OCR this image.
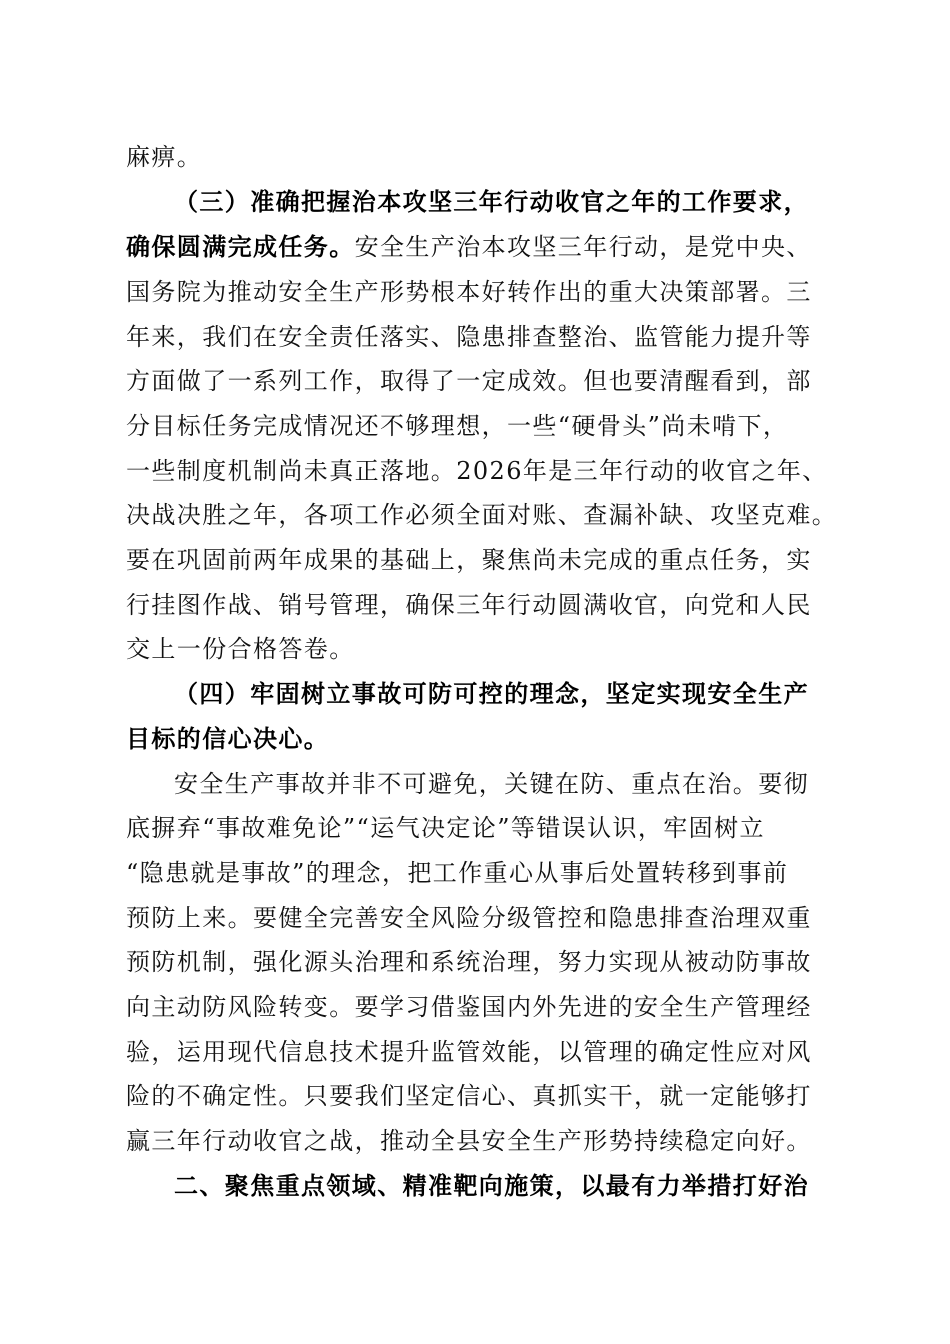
麻痹。
（三）准确把握治本攻坚三年行动收官之年的工作要求，
确保圆满完成任务。安全生产治本攻坚三年行动，是党中央、
国务院为推动安全生产形势根本好转作出的重大决策部署。三
年来，我们在安全责任落实、隐患排查整治、监管能力提升等
方面做了一系列工作，取得了一定成效。但也要清醒看到，部
分目标任务完成情况还不够理想，一些“硬骨头”尚未啃下，
一些制度机制尚未真正落地。2026年是三年行动的收官之年、
决战决胜之年，各项工作必须全面对账、查漏补缺、攻坚克难。
要在巩固前两年成果的基础上，聚焦尚未完成的重点任务，实
行挂图作战、销号管理，确保三年行动圆满收官，向党和人民
交上一份合格答卷。
（四）牢固树立事故可防可控的理念，坚定实现安全生产
目标的信心决心。
安全生产事故并非不可避免，关键在防、重点在治。要彻
底摒弃“事故难免论”“运气决定论”等错误认识，牢固树立
“隐患就是事故”的理念，把工作重心从事后处置转移到事前
预防上来。要健全完善安全风险分级管控和隐患排查治理双重
预防机制，强化源头治理和系统治理，努力实现从被动防事故
向主动防风险转变。要学习借鉴国内外先进的安全生产管理经
验，运用现代信息技术提升监管效能，以管理的确定性应对风
险的不确定性。只要我们坚定信心、真抓实干，就一定能够打
赢三年行动收官之战，推动全县安全生产形势持续稳定向好。
二、聚焦重点领域、精准靶向施策，以最有力举措打好治
